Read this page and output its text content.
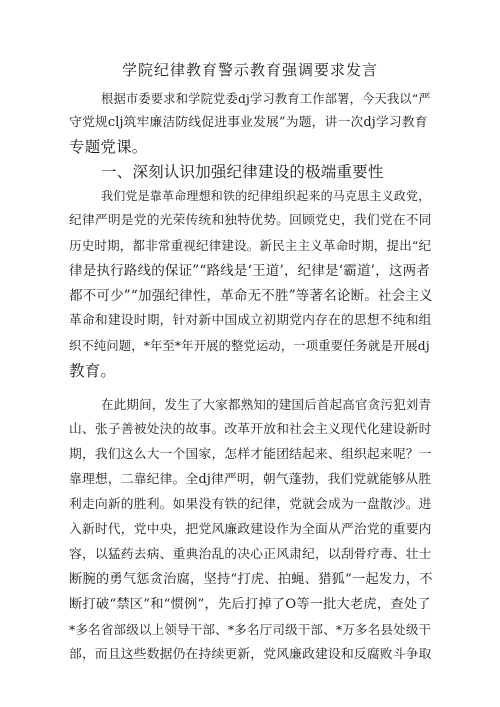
学院纪律教育警示教育强调要求发言
根据市委要求和学院党委dj学习教育工作部署，今天我以“严
守党规clj筑牢廉洁防线促进事业发展”为题，讲一次dj学习教育
专题党课。
一、深刻认识加强纪律建设的极端重要性
我们党是靠革命理想和铁的纪律组织起来的马克思主义政党，
纪律严明是党的光荣传统和独特优势。回顾党史，我们党在不同
历史时期，都非常重视纪律建设。新民主主义革命时期，提出“纪
律是执行路线的保证”“路线是‘王道’，纪律是‘霸道’，这两者
都不可少”“加强纪律性，革命无不胜”等著名论断。社会主义
革命和建设时期，针对新中国成立初期党内存在的思想不纯和组
织不纯问题，*年至*年开展的整党运动，一项重要任务就是开展dj
教育。
在此期间，发生了大家都熟知的建国后首起高官贪污犯刘青
山、张子善被处決的故事。改革开放和社会主义现代化建设新时
期，我们这么大一个国家，怎样才能团结起来、组织起来呢？一
靠理想，二靠纪律。全dj律严明，朝气蓬勃，我们党就能够从胜
利走向新的胜利。如果没有铁的纪律，党就会成为一盘散沙。进
入新时代，党中央，把党风廉政建设作为全面从严治党的重要内
容，以猛药去病、重典治乱的决心正风肃纪，以刮骨疗毒、壮士
断腕的勇气惩贪治腐，坚持“打虎、拍蝇、猎狐”一起发力，不
断打破“禁区”和“惯例”，先后打掉了O等一批大老虎，查处了
*多名省部级以上领导干部、*多名厅司级干部、*万多名县处级干
部，而且这些数据仍在持续更新，党风廉政建设和反腐败斗争取
